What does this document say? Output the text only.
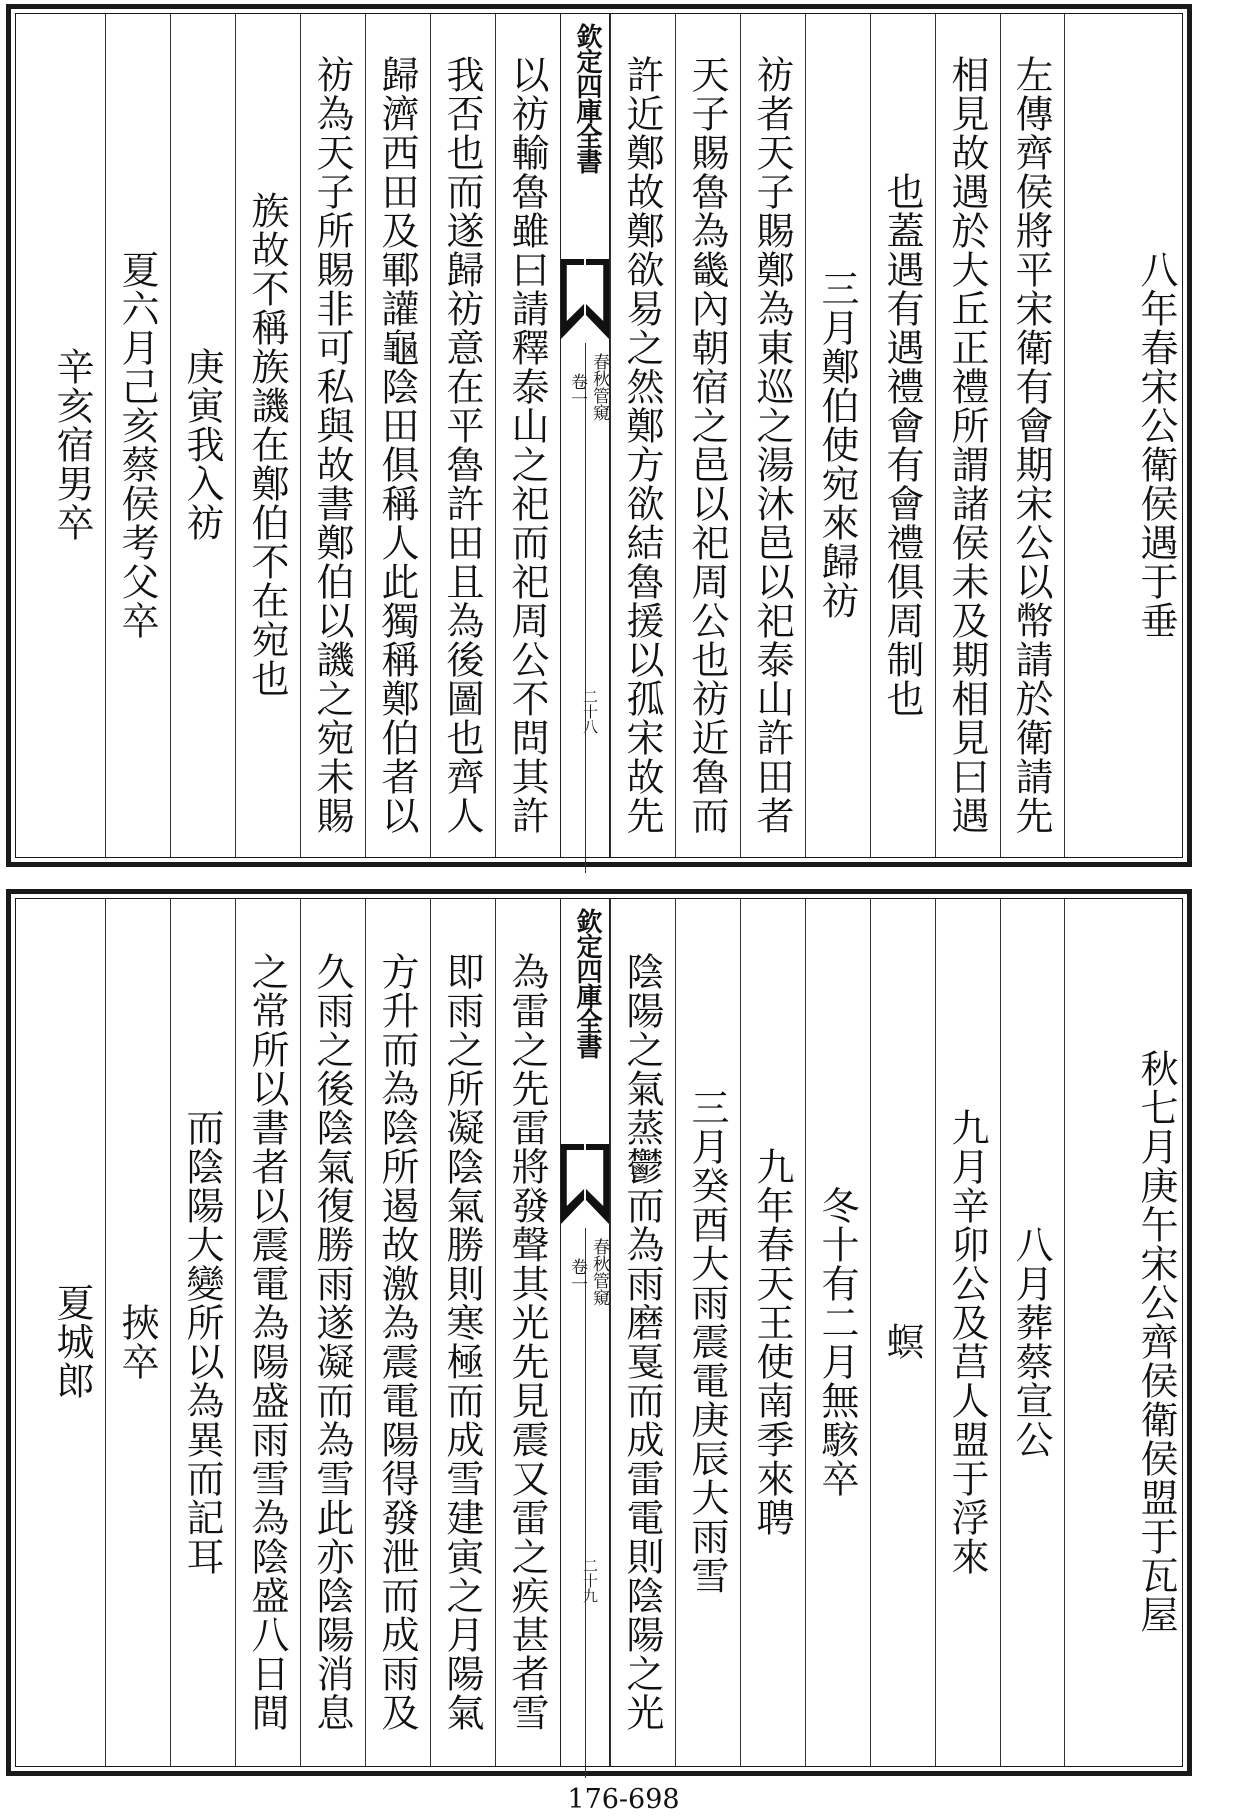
八年春宋公衛侯遇于垂
左傳齊侯將平宋衛有會期宋公以幣請於衛請先
相見故遇於大丘正禮所謂諸侯未及期相見曰遇
也蓋遇有遇禮會有會禮俱周制也
三月鄭伯使宛來歸祊
祊者天子賜鄭為東巡之湯沐邑以祀泰山許田者
天子賜魯為畿內朝宿之邑以祀周公也祊近魯而
許近鄭故鄭欲易之然鄭方欲結魯援以孤宋故先
欽定四庫全書
春秋管窺
卷一
二十八
以祊輸魯雖曰請釋泰山之祀而祀周公不問其許
我否也而遂歸祊意在平魯許田且為後圖也齊人
歸濟西田及鄆讙龜陰田俱稱人此獨稱鄭伯者以
祊為天子所賜非可私與故書鄭伯以譏之宛未賜
族故不稱族譏在鄭伯不在宛也
庚寅我入祊
夏六月己亥蔡侯考父卒
辛亥宿男卒
秋七月庚午宋公齊侯衛侯盟于瓦屋
八月葬蔡宣公
九月辛卯公及莒人盟于浮來
螟
冬十有二月無駭卒
九年春天王使南季來聘
三月癸酉大雨震電庚辰大雨雪
陰陽之氣蒸鬱而為雨磨戛而成雷電則陰陽之光
欽定四庫全書
春秋管窺
卷一
二十九
為雷之先雷將發聲其光先見震又雷之疾甚者雪
即雨之所凝陰氣勝則寒極而成雪建寅之月陽氣
方升而為陰所遏故激為震電陽得發泄而成雨及
久雨之後陰氣復勝雨遂凝而為雪此亦陰陽消息
之常所以書者以震電為陽盛雨雪為陰盛八日間
而陰陽大變所以為異而記耳
挾卒
夏城郎
176-698
